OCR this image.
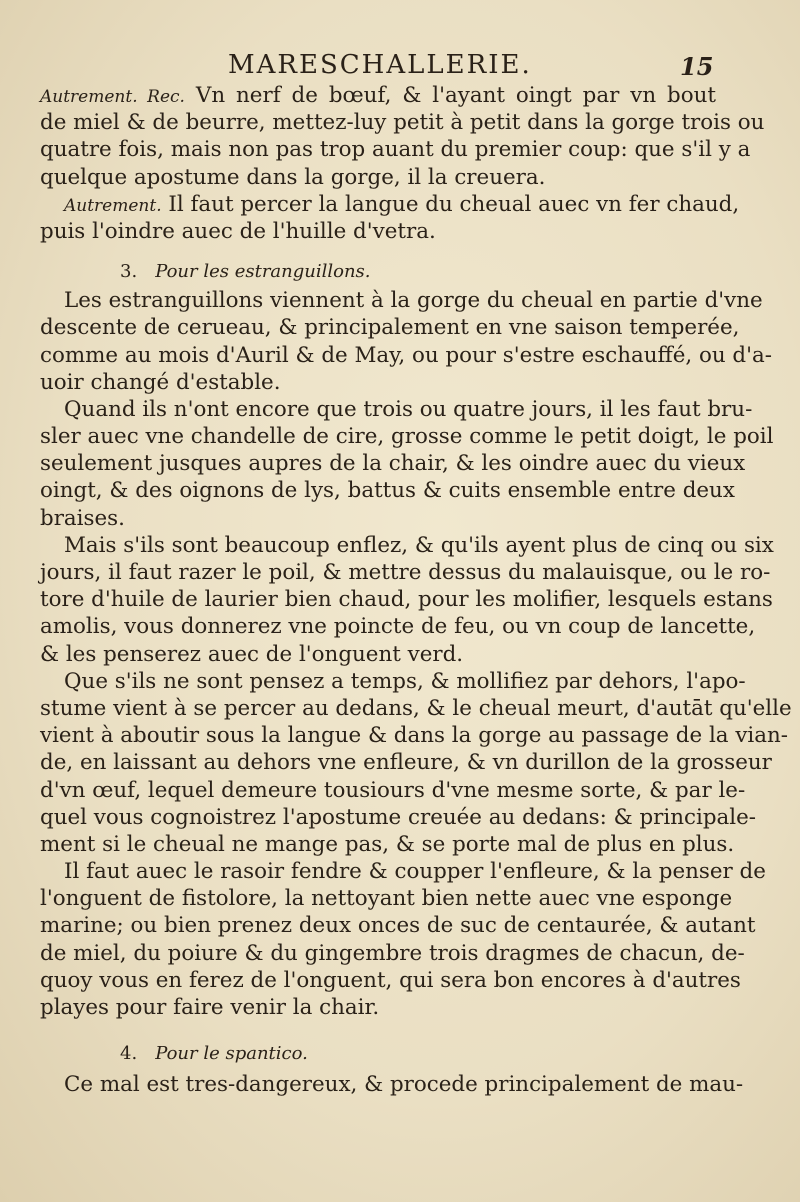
MARESCHALLERIE.	15
Autrement. Rec. Vn nerf de bœuf, & l'ayant oingt par vn bout
de miel & de beurre, mettez-luy petit à petit dans la gorge trois ou
quatre fois, mais non pas trop auant du premier coup: que s'il y a
quelque apostume dans la gorge, il la creuera.
Autrement. Il faut percer la langue du cheual auec vn fer chaud,
puis l'oindre auec de l'huille d'vetra.
3. Pour les estranguillons.
Les estranguillons viennent à la gorge du cheual en partie d'vne
descente de cerueau, & principalement en vne saison temperée,
comme au mois d'Auril & de May, ou pour s'estre eschauffé, ou d'a-
uoir changé d'estable.
Quand ils n'ont encore que trois ou quatre jours, il les faut bru-
sler auec vne chandelle de cire, grosse comme le petit doigt, le poil
seulement jusques aupres de la chair, & les oindre auec du vieux
oingt, & des oignons de lys, battus & cuits ensemble entre deux
braises.
Mais s'ils sont beaucoup enflez, & qu'ils ayent plus de cinq ou six
jours, il faut razer le poil, & mettre dessus du malauisque, ou le ro-
tore d'huile de laurier bien chaud, pour les molifier, lesquels estans
amolis, vous donnerez vne poincte de feu, ou vn coup de lancette,
& les penserez auec de l'onguent verd.
Que s'ils ne sont pensez a temps, & mollifiez par dehors, l'apo-
stume vient à se percer au dedans, & le cheual meurt, d'autāt qu'elle
vient à aboutir sous la langue & dans la gorge au passage de la vian-
de, en laissant au dehors vne enfleure, & vn durillon de la grosseur
d'vn œuf, lequel demeure tousiours d'vne mesme sorte, & par le-
quel vous cognoistrez l'apostume creuée au dedans: & principale-
ment si le cheual ne mange pas, & se porte mal de plus en plus.
Il faut auec le rasoir fendre & coupper l'enfleure, & la penser de
l'onguent de fistolore, la nettoyant bien nette auec vne esponge
marine; ou bien prenez deux onces de suc de centaurée, & autant
de miel, du poiure & du gingembre trois dragmes de chacun, de-
quoy vous en ferez de l'onguent, qui sera bon encores à d'autres
playes pour faire venir la chair.
4. Pour le spantico.
Ce mal est tres-dangereux, & procede principalement de mau-
